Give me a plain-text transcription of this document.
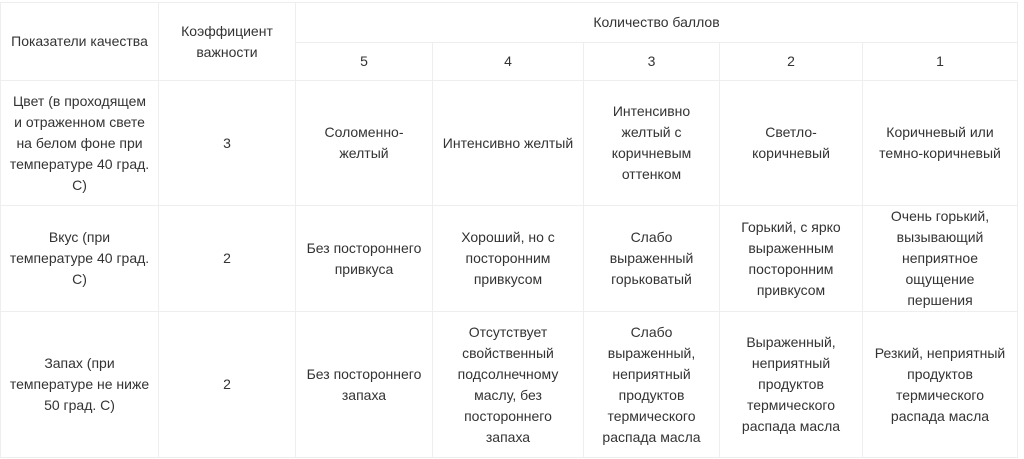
Показатели качества	Коэффициент важности	Количество баллов				
		5	4	3	2	1
Цвет (в проходящем и отраженном свете на белом фоне при температуре 40 град. С)	3	Соломенно-желтый	Интенсивно желтый	Интенсивно желтый с коричневым оттенком	Светло-коричневый	Коричневый или темно-коричневый
Вкус (при температуре 40 град. С)	2	Без постороннего привкуса	Хороший, но с посторонним привкусом	Слабо выраженный горьковатый	Горький, с ярко выраженным посторонним привкусом	Очень горький, вызывающий неприятное ощущение першения
Запах (при температуре не ниже 50 град. С)	2	Без постороннего запаха	Отсутствует свойственный подсолнечному маслу, без постороннего запаха	Слабо выраженный, неприятный продуктов термического распада масла	Выраженный, неприятный продуктов термического распада масла	Резкий, неприятный продуктов термического распада масла
